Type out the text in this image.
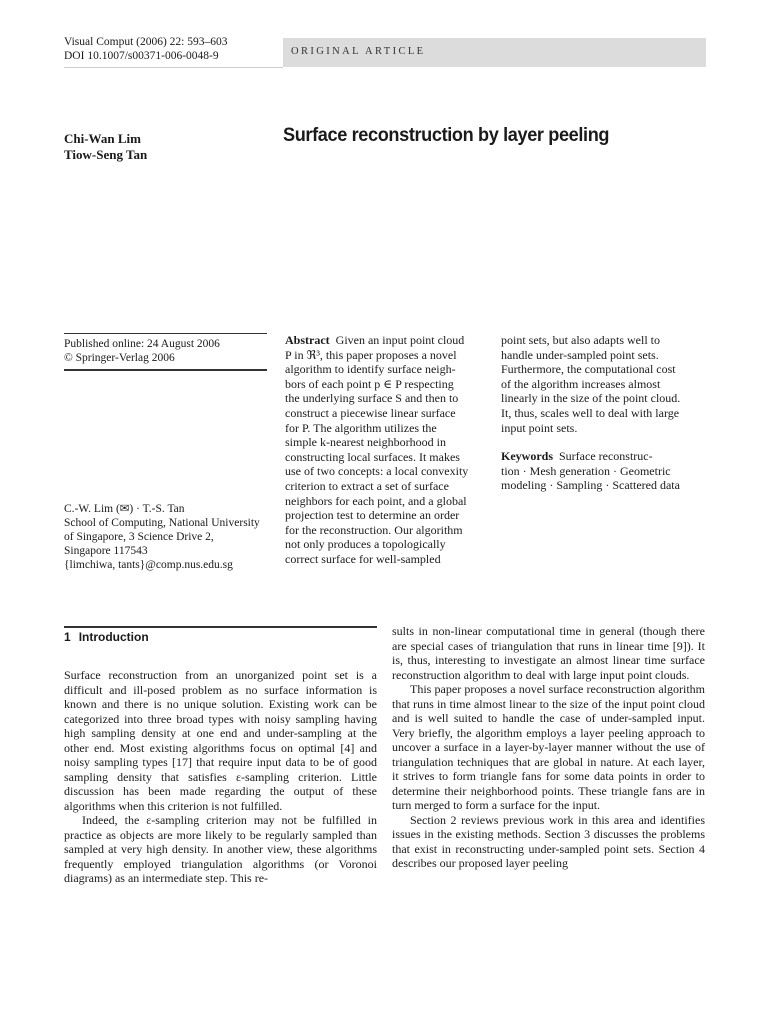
Visual Comput (2006) 22: 593–603
DOI 10.1007/s00371-006-0048-9	ORIGINAL ARTICLE
Chi-Wan Lim
Tiow-Seng Tan
Surface reconstruction by layer peeling
Published online: 24 August 2006
© Springer-Verlag 2006
C.-W. Lim (✉) · T.-S. Tan
School of Computing, National University
of Singapore, 3 Science Drive 2,
Singapore 117543
{limchiwa, tants}@comp.nus.edu.sg
Abstract Given an input point cloud
P in ℜ³, this paper proposes a novel
algorithm to identify surface neigh-
bors of each point p ∈ P respecting
the underlying surface S and then to
construct a piecewise linear surface
for P. The algorithm utilizes the
simple k-nearest neighborhood in
constructing local surfaces. It makes
use of two concepts: a local convexity
criterion to extract a set of surface
neighbors for each point, and a global
projection test to determine an order
for the reconstruction. Our algorithm
not only produces a topologically
correct surface for well-sampled
point sets, but also adapts well to
handle under-sampled point sets.
Furthermore, the computational cost
of the algorithm increases almost
linearly in the size of the point cloud.
It, thus, scales well to deal with large
input point sets.
Keywords Surface reconstruc-
tion · Mesh generation · Geometric
modeling · Sampling · Scattered data
1 Introduction

Surface reconstruction from an unorganized point set is a difficult and ill-posed problem as no surface information is known and there is no unique solution. Existing work can be categorized into three broad types with noisy sampling having high sampling density at one end and under-sampling at the other end. Most existing algorithms focus on optimal [4] and noisy sampling types [17] that require input data to be of good sampling density that satisfies ε-sampling criterion. Little discussion has been made regarding the output of these algorithms when this criterion is not fulfilled.

Indeed, the ε-sampling criterion may not be fulfilled in practice as objects are more likely to be regularly sampled than sampled at very high density. In another view, these algorithms frequently employed triangulation algorithms (or Voronoi diagrams) as an intermediate step. This re-

sults in non-linear computational time in general (though there are special cases of triangulation that runs in linear time [9]). It is, thus, interesting to investigate an almost linear time surface reconstruction algorithm to deal with large input point clouds.

This paper proposes a novel surface reconstruction algorithm that runs in time almost linear to the size of the input point cloud and is well suited to handle the case of under-sampled input. Very briefly, the algorithm employs a layer peeling approach to uncover a surface in a layer-by-layer manner without the use of triangulation techniques that are global in nature. At each layer, it strives to form triangle fans for some data points in order to determine their neighborhood points. These triangle fans are in turn merged to form a surface for the input.

Section 2 reviews previous work in this area and identifies issues in the existing methods. Section 3 discusses the problems that exist in reconstructing under-sampled point sets. Section 4 describes our proposed layer peeling
